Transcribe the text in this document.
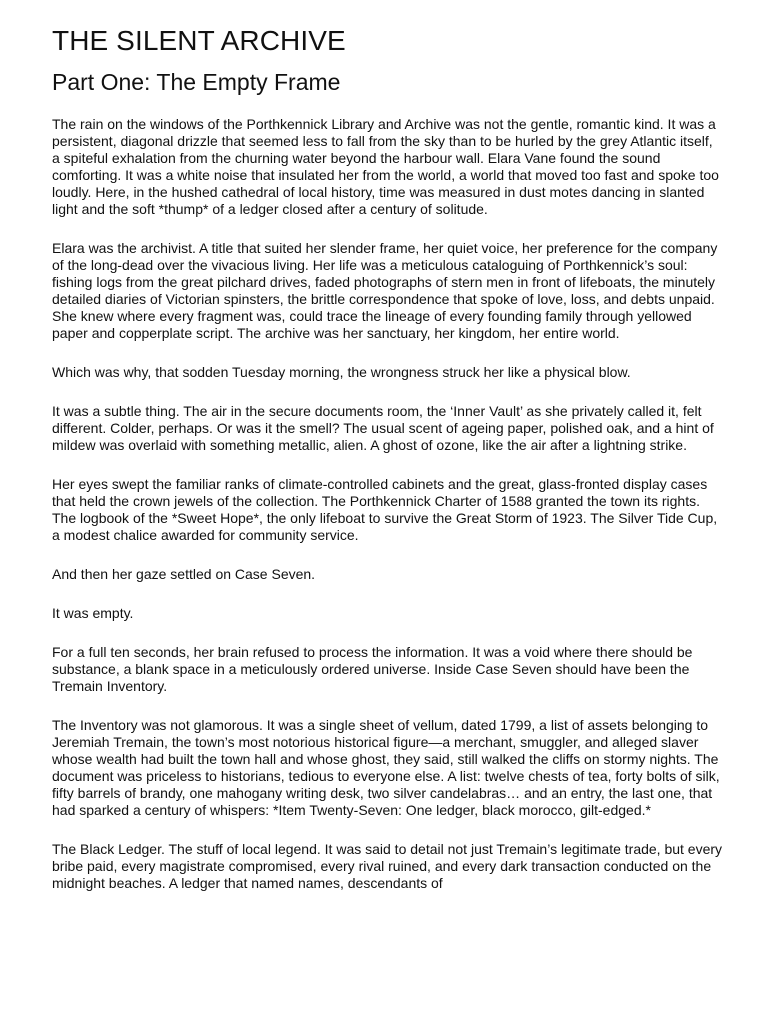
THE SILENT ARCHIVE
Part One: The Empty Frame

The rain on the windows of the Porthkennick Library and Archive was not the gentle, romantic kind. It was a persistent, diagonal drizzle that seemed less to fall from the sky than to be hurled by the grey Atlantic itself, a spiteful exhalation from the churning water beyond the harbour wall. Elara Vane found the sound comforting. It was a white noise that insulated her from the world, a world that moved too fast and spoke too loudly. Here, in the hushed cathedral of local history, time was measured in dust motes dancing in slanted light and the soft *thump* of a ledger closed after a century of solitude.

Elara was the archivist. A title that suited her slender frame, her quiet voice, her preference for the company of the long-dead over the vivacious living. Her life was a meticulous cataloguing of Porthkennick’s soul: fishing logs from the great pilchard drives, faded photographs of stern men in front of lifeboats, the minutely detailed diaries of Victorian spinsters, the brittle correspondence that spoke of love, loss, and debts unpaid. She knew where every fragment was, could trace the lineage of every founding family through yellowed paper and copperplate script. The archive was her sanctuary, her kingdom, her entire world.

Which was why, that sodden Tuesday morning, the wrongness struck her like a physical blow.

It was a subtle thing. The air in the secure documents room, the ‘Inner Vault’ as she privately called it, felt different. Colder, perhaps. Or was it the smell? The usual scent of ageing paper, polished oak, and a hint of mildew was overlaid with something metallic, alien. A ghost of ozone, like the air after a lightning strike.

Her eyes swept the familiar ranks of climate-controlled cabinets and the great, glass-fronted display cases that held the crown jewels of the collection. The Porthkennick Charter of 1588 granted the town its rights. The logbook of the *Sweet Hope*, the only lifeboat to survive the Great Storm of 1923. The Silver Tide Cup, a modest chalice awarded for community service.

And then her gaze settled on Case Seven.

It was empty.

For a full ten seconds, her brain refused to process the information. It was a void where there should be substance, a blank space in a meticulously ordered universe. Inside Case Seven should have been the Tremain Inventory.

The Inventory was not glamorous. It was a single sheet of vellum, dated 1799, a list of assets belonging to Jeremiah Tremain, the town’s most notorious historical figure—a merchant, smuggler, and alleged slaver whose wealth had built the town hall and whose ghost, they said, still walked the cliffs on stormy nights. The document was priceless to historians, tedious to everyone else. A list: twelve chests of tea, forty bolts of silk, fifty barrels of brandy, one mahogany writing desk, two silver candelabras… and an entry, the last one, that had sparked a century of whispers: *Item Twenty-Seven: One ledger, black morocco, gilt-edged.*

The Black Ledger. The stuff of local legend. It was said to detail not just Tremain’s legitimate trade, but every bribe paid, every magistrate compromised, every rival ruined, and every dark transaction conducted on the midnight beaches. A ledger that named names, descendants of
